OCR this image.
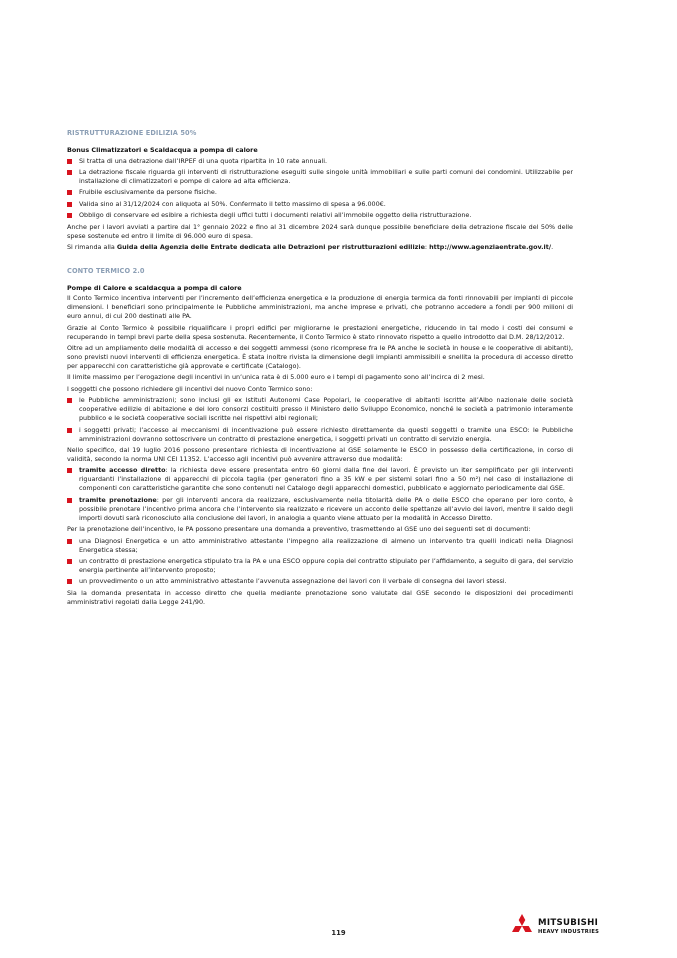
RISTRUTTURAZIONE EDILIZIA 50%
Bonus Climatizzatori e Scaldacqua a pompa di calore
Si tratta di una detrazione dall’IRPEF di una quota ripartita in 10 rate annuali.
La detrazione fiscale riguarda gli interventi di ristrutturazione eseguiti sulle singole unità immobiliari e sulle parti comuni dei condomini. Utilizzabile per installazione di climatizzatori e pompe di calore ad alta efficienza.
Fruibile esclusivamente da persone fisiche.
Valida sino al 31/12/2024 con aliquota al 50%. Confermato il tetto massimo di spesa a 96.000€.
Obbligo di conservare ed esibire a richiesta degli uffici tutti i documenti relativi all’immobile oggetto della ristrutturazione.

Anche per i lavori avviati a partire dal 1° gennaio 2022 e fino al 31 dicembre 2024 sarà dunque possibile beneficiare della detrazione fiscale del 50% delle spese sostenute ed entro il limite di 96.000 euro di spesa.

Si rimanda alla Guida della Agenzia delle Entrate dedicata alle Detrazioni per ristrutturazioni edilizie: http://www.agenziaentrate.gov.it/.

CONTO TERMICO 2.0
Pompe di Calore e scaldacqua a pompa di calore

Il Conto Termico incentiva interventi per l’incremento dell’efficienza energetica e la produzione di energia termica da fonti rinnovabili per impianti di piccole dimensioni. I beneficiari sono principalmente le Pubbliche amministrazioni, ma anche imprese e privati, che potranno accedere a fondi per 900 milioni di euro annui, di cui 200 destinati alle PA.

Grazie al Conto Termico è possibile riqualificare i propri edifici per migliorarne le prestazioni energetiche, riducendo in tal modo i costi dei consumi e recuperando in tempi brevi parte della spesa sostenuta. Recentemente, il Conto Termico è stato rinnovato rispetto a quello introdotto dal D.M. 28/12/2012.

Oltre ad un ampliamento delle modalità di accesso e dei soggetti ammessi (sono ricomprese fra le PA anche le società in house e le cooperative di abitanti), sono previsti nuovi interventi di efficienza energetica. È stata inoltre rivista la dimensione degli impianti ammissibili e snellita la procedura di accesso diretto per apparecchi con caratteristiche già approvate e certificate (Catalogo).

Il limite massimo per l’erogazione degli incentivi in un’unica rata è di 5.000 euro e i tempi di pagamento sono all’incirca di 2 mesi.

I soggetti che possono richiedere gli incentivi del nuovo Conto Termico sono:

le Pubbliche amministrazioni; sono inclusi gli ex Istituti Autonomi Case Popolari, le cooperative di abitanti iscritte all’Albo nazionale delle società cooperative edilizie di abitazione e dei loro consorzi costituiti presso il Ministero dello Sviluppo Economico, nonché le società a patrimonio interamente pubblico e le società cooperative sociali iscritte nei rispettivi albi regionali;
i soggetti privati; l’accesso ai meccanismi di incentivazione può essere richiesto direttamente da questi soggetti o tramite una ESCO: le Pubbliche amministrazioni dovranno sottoscrivere un contratto di prestazione energetica, i soggetti privati un contratto di servizio energia.

Nello specifico, dal 19 luglio 2016 possono presentare richiesta di incentivazione al GSE solamente le ESCO in possesso della certificazione, in corso di validità, secondo la norma UNI CEI 11352. L’accesso agli incentivi può avvenire attraverso due modalità:

tramite accesso diretto: la richiesta deve essere presentata entro 60 giorni dalla fine dei lavori. È previsto un iter semplificato per gli interventi riguardanti l’installazione di apparecchi di piccola taglia (per generatori fino a 35 kW e per sistemi solari fino a 50 m²) nel caso di installazione di componenti con caratteristiche garantite che sono contenuti nel Catalogo degli apparecchi domestici, pubblicato e aggiornato periodicamente dal GSE.
tramite prenotazione: per gli interventi ancora da realizzare, esclusivamente nella titolarità delle PA o delle ESCO che operano per loro conto, è possibile prenotare l’incentivo prima ancora che l’intervento sia realizzato e ricevere un acconto delle spettanze all’avvio dei lavori, mentre il saldo degli importi dovuti sarà riconosciuto alla conclusione dei lavori, in analogia a quanto viene attuato per la modalità in Accesso Diretto.

Per la prenotazione dell’incentivo, le PA possono presentare una domanda a preventivo, trasmettendo al GSE uno dei seguenti set di documenti:

una Diagnosi Energetica e un atto amministrativo attestante l’impegno alla realizzazione di almeno un intervento tra quelli indicati nella Diagnosi Energetica stessa;
un contratto di prestazione energetica stipulato tra la PA e una ESCO oppure copia del contratto stipulato per l’affidamento, a seguito di gara, del servizio energia pertinente all’intervento proposto;
un provvedimento o un atto amministrativo attestante l’avvenuta assegnazione dei lavori con il verbale di consegna dei lavori stessi.

Sia la domanda presentata in accesso diretto che quella mediante prenotazione sono valutate dal GSE secondo le disposizioni dei procedimenti amministrativi regolati dalla Legge 241/90.

119
MITSUBISHI
HEAVY INDUSTRIES
